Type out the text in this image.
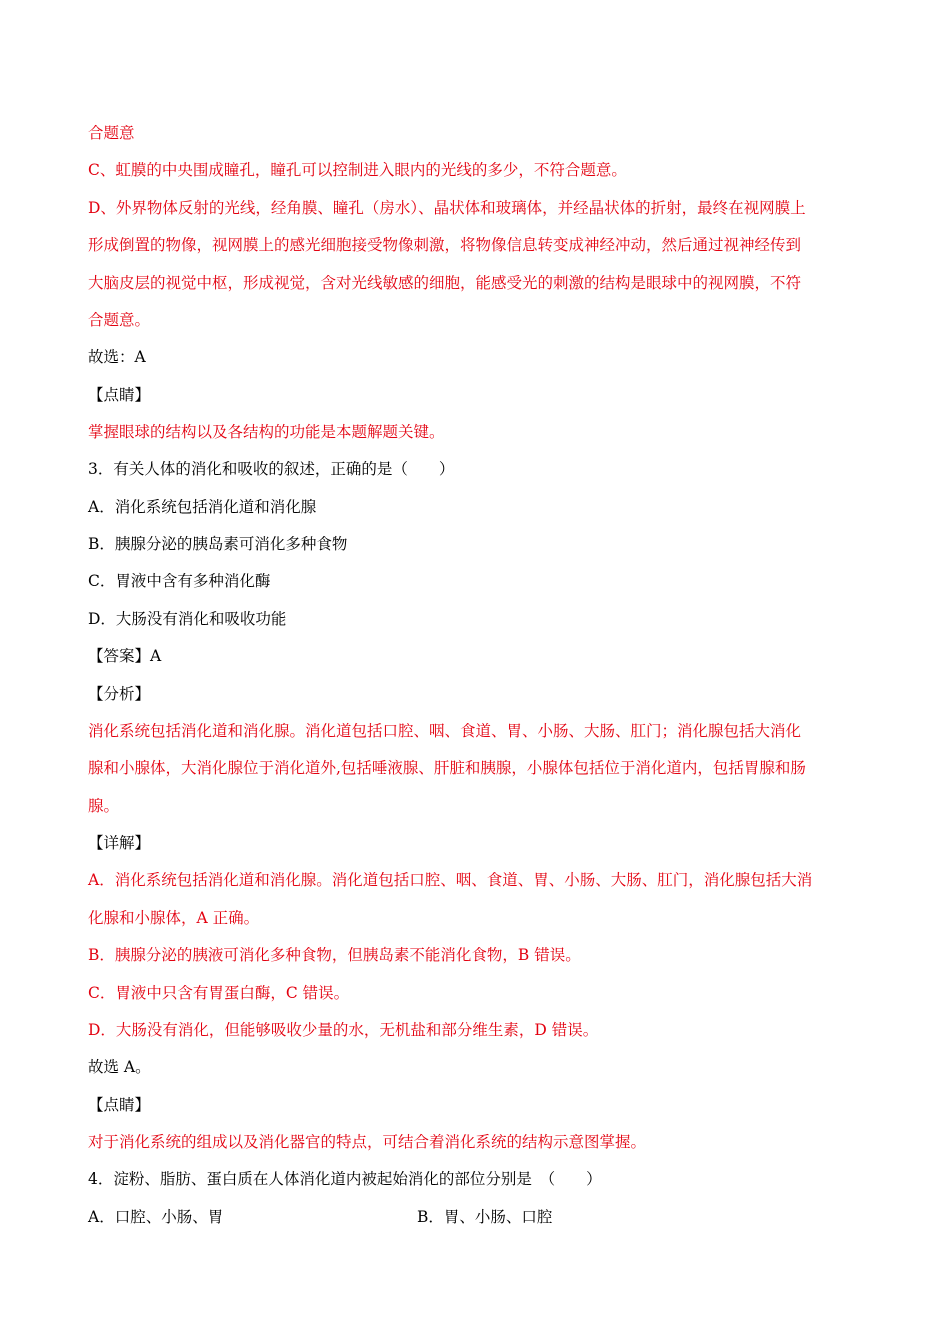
合题意
C、虹膜的中央围成瞳孔，瞳孔可以控制进入眼内的光线的多少，不符合题意。
D、外界物体反射的光线，经角膜、瞳孔（房水）、晶状体和玻璃体，并经晶状体的折射，最终在视网膜上
形成倒置的物像，视网膜上的感光细胞接受物像刺激，将物像信息转变成神经冲动，然后通过视神经传到
大脑皮层的视觉中枢，形成视觉，含对光线敏感的细胞，能感受光的刺激的结构是眼球中的视网膜，不符
合题意。
故选：A
【点睛】
掌握眼球的结构以及各结构的功能是本题解题关键。
3．有关人体的消化和吸收的叙述，正确的是（　　）
A．消化系统包括消化道和消化腺
B．胰腺分泌的胰岛素可消化多种食物
C．胃液中含有多种消化酶
D．大肠没有消化和吸收功能
【答案】A
【分析】
消化系统包括消化道和消化腺。消化道包括口腔、咽、食道、胃、小肠、大肠、肛门；消化腺包括大消化
腺和小腺体，大消化腺位于消化道外,包括唾液腺、肝脏和胰腺，小腺体包括位于消化道内，包括胃腺和肠
腺。
【详解】
A．消化系统包括消化道和消化腺。消化道包括口腔、咽、食道、胃、小肠、大肠、肛门，消化腺包括大消
化腺和小腺体，A 正确。
B．胰腺分泌的胰液可消化多种食物，但胰岛素不能消化食物，B 错误。
C．胃液中只含有胃蛋白酶，C 错误。
D．大肠没有消化，但能够吸收少量的水，无机盐和部分维生素，D 错误。
故选 A。
【点睛】
对于消化系统的组成以及消化器官的特点，可结合着消化系统的结构示意图掌握。
4．淀粉、脂肪、蛋白质在人体消化道内被起始消化的部位分别是　（　　）
A．口腔、小肠、胃	B．胃、小肠、口腔
